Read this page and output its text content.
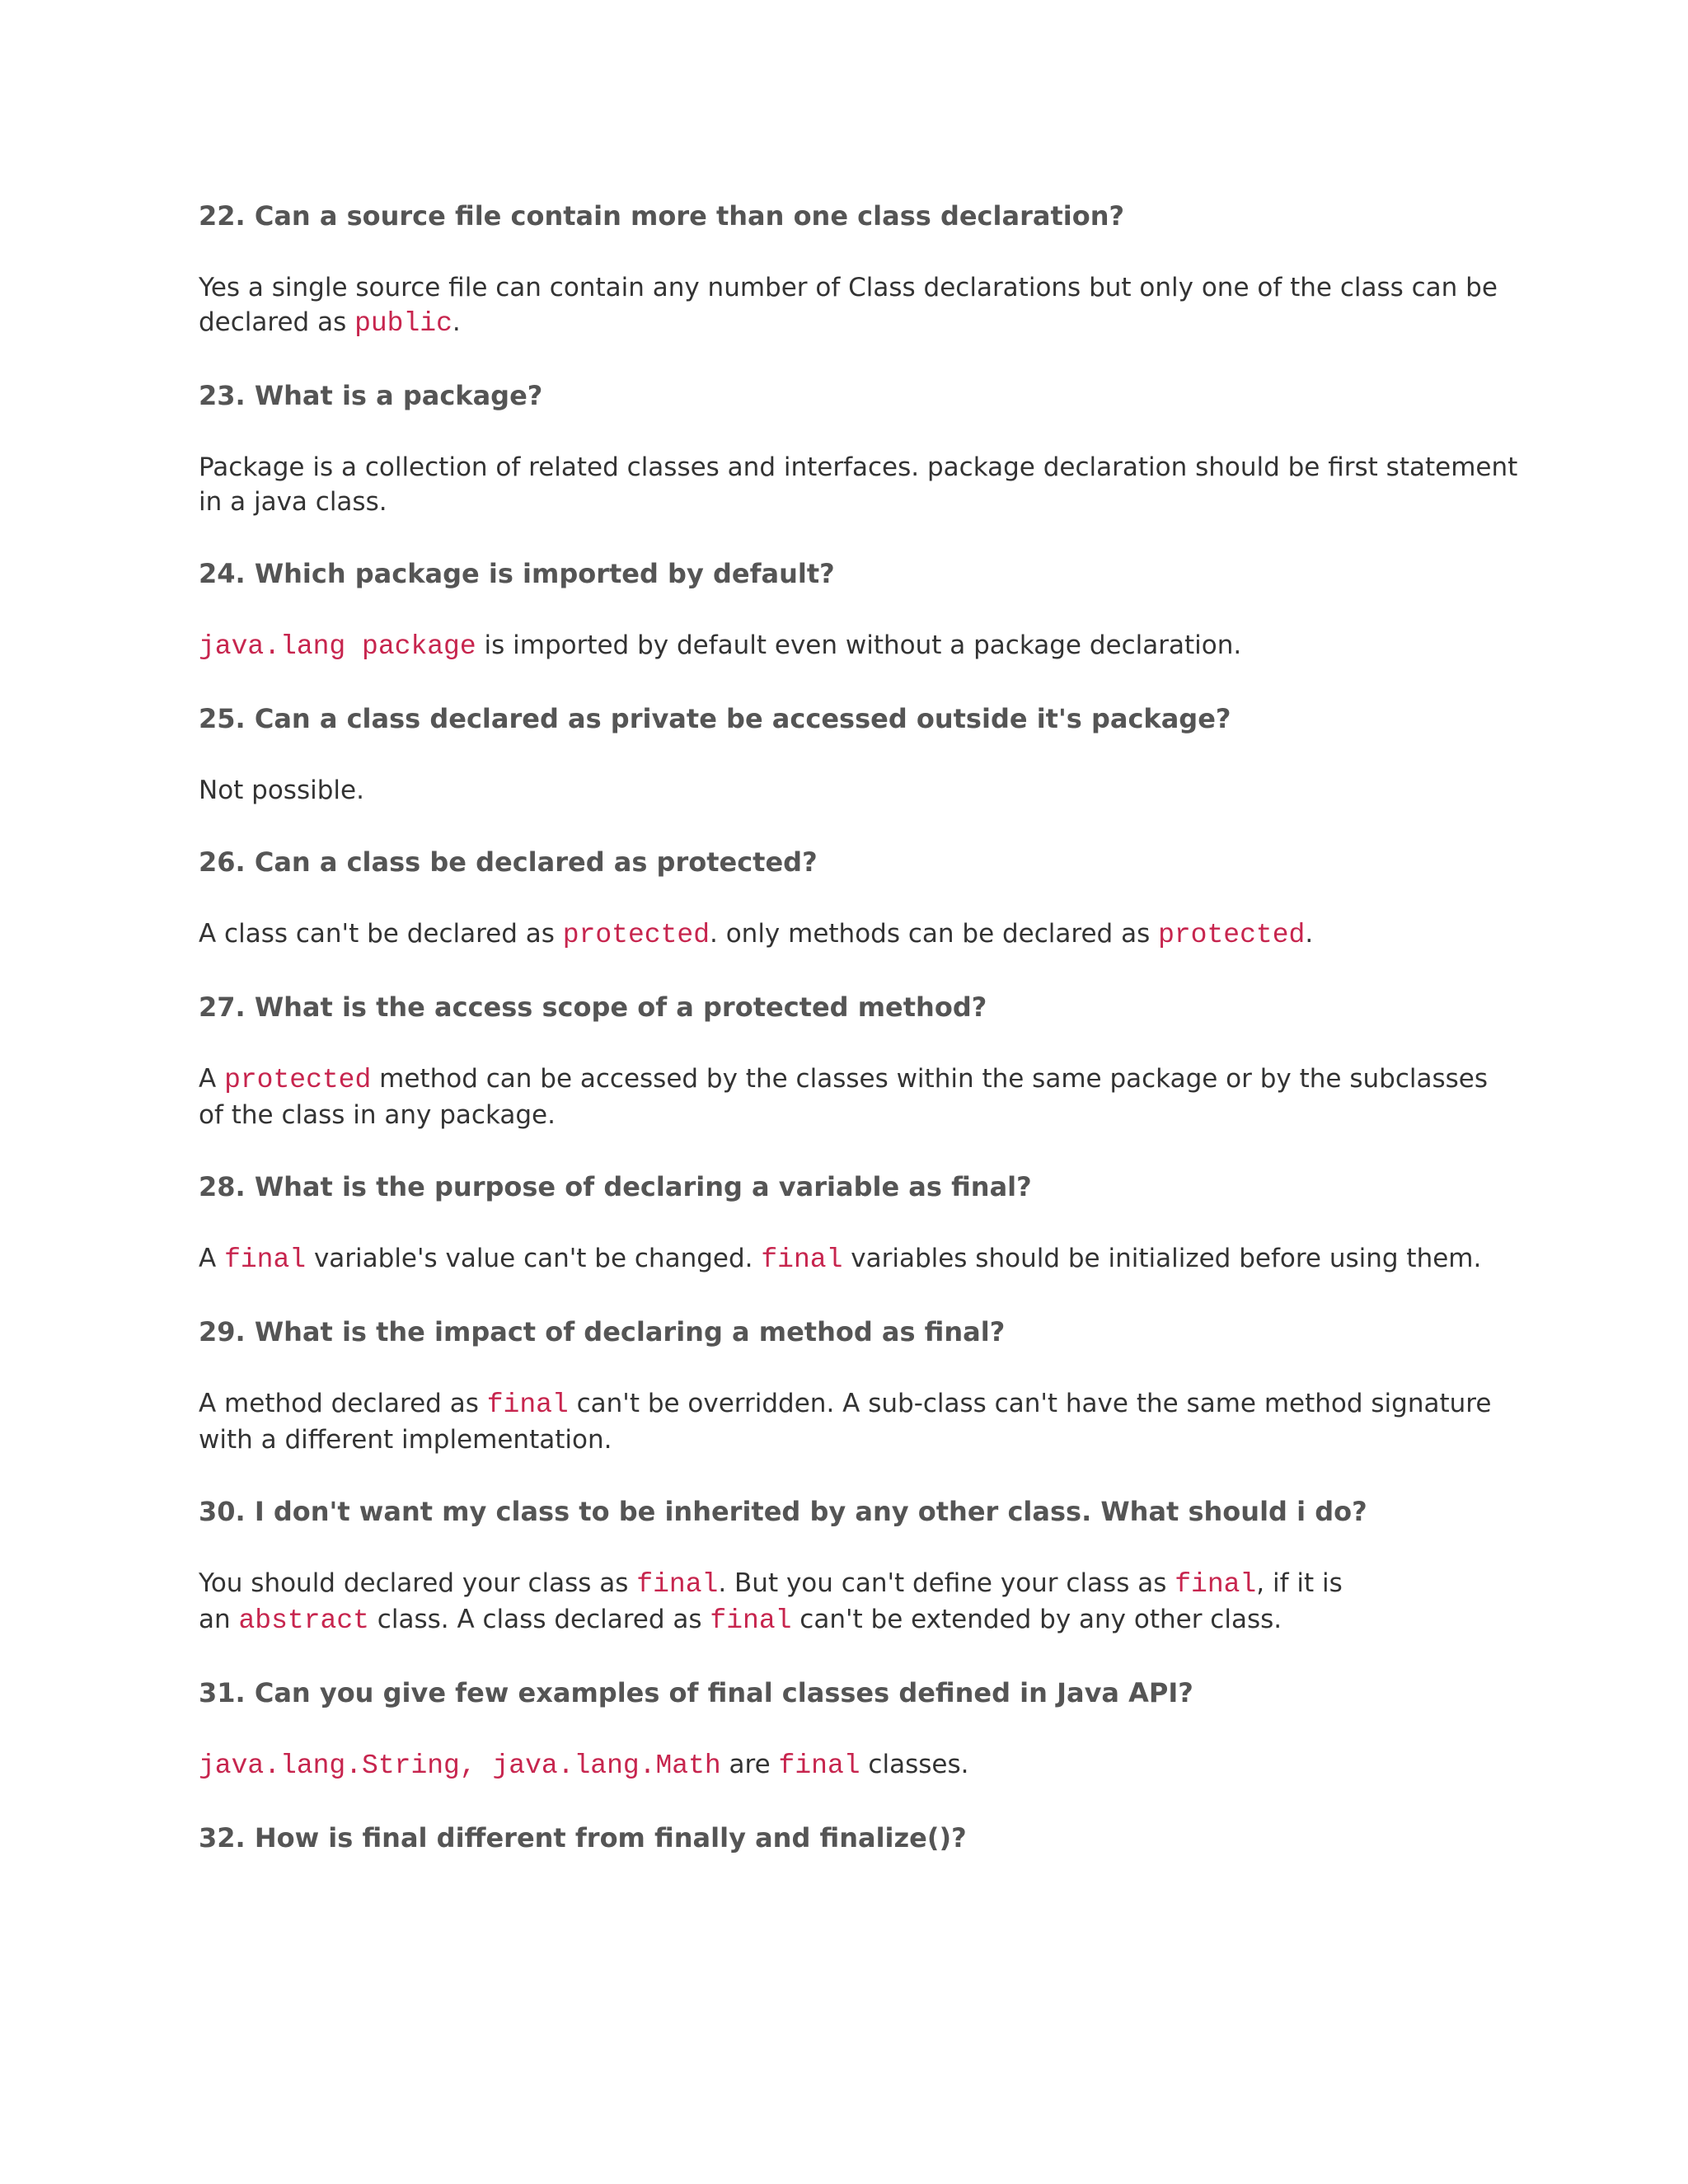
22. Can a source file contain more than one class declaration?

Yes a single source file can contain any number of Class declarations but only one of the class can be
declared as public.

23. What is a package?

Package is a collection of related classes and interfaces. package declaration should be first statement
in a java class.

24. Which package is imported by default?

java.lang package is imported by default even without a package declaration.

25. Can a class declared as private be accessed outside it's package?

Not possible.

26. Can a class be declared as protected?

A class can't be declared as protected. only methods can be declared as protected.

27. What is the access scope of a protected method?

A protected method can be accessed by the classes within the same package or by the subclasses
of the class in any package.

28. What is the purpose of declaring a variable as final?

A final variable's value can't be changed. final variables should be initialized before using them.

29. What is the impact of declaring a method as final?

A method declared as final can't be overridden. A sub-class can't have the same method signature
with a different implementation.

30. I don't want my class to be inherited by any other class. What should i do?

You should declared your class as final. But you can't define your class as final, if it is
an abstract class. A class declared as final can't be extended by any other class.

31. Can you give few examples of final classes defined in Java API?

java.lang.String, java.lang.Math are final classes.

32. How is final different from finally and finalize()?
